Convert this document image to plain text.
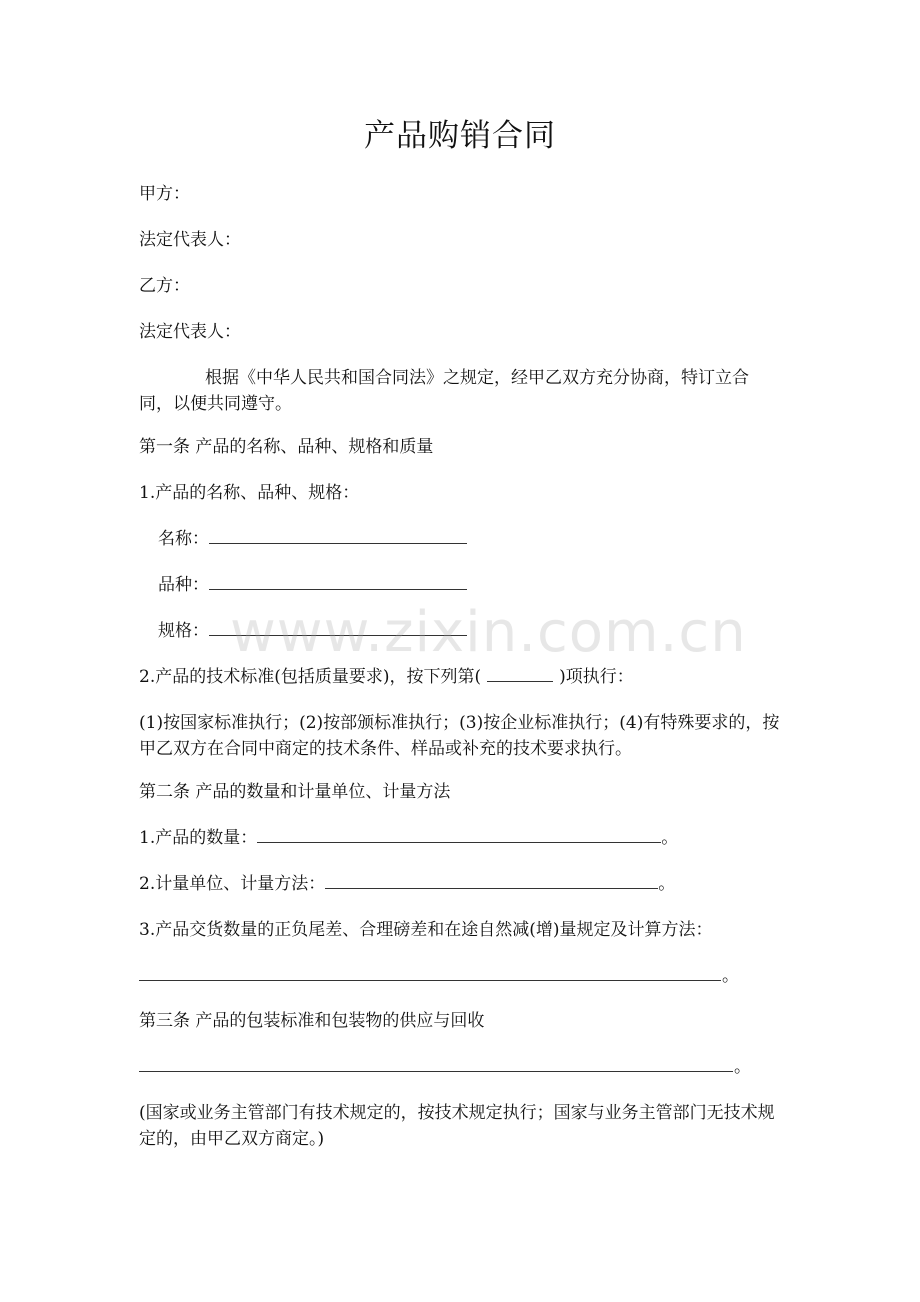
产品购销合同
甲方：
法定代表人：
乙方：
法定代表人：
根据《中华人民共和国合同法》之规定，经甲乙双方充分协商，特订立合同，以便共同遵守。
第一条 产品的名称、品种、规格和质量
1.产品的名称、品种、规格：
名称：
品种：
规格：
2.产品的技术标准(包括质量要求)，按下列第(	)项执行：
(1)按国家标准执行；(2)按部颁标准执行；(3)按企业标准执行；(4)有特殊要求的，按甲乙双方在合同中商定的技术条件、样品或补充的技术要求执行。
第二条 产品的数量和计量单位、计量方法
1.产品的数量：	。
2.计量单位、计量方法：	。
3.产品交货数量的正负尾差、合理磅差和在途自然减(增)量规定及计算方法：
。
第三条 产品的包装标准和包装物的供应与回收
。
(国家或业务主管部门有技术规定的，按技术规定执行；国家与业务主管部门无技术规定的，由甲乙双方商定。)
www.zixin.com.cn
